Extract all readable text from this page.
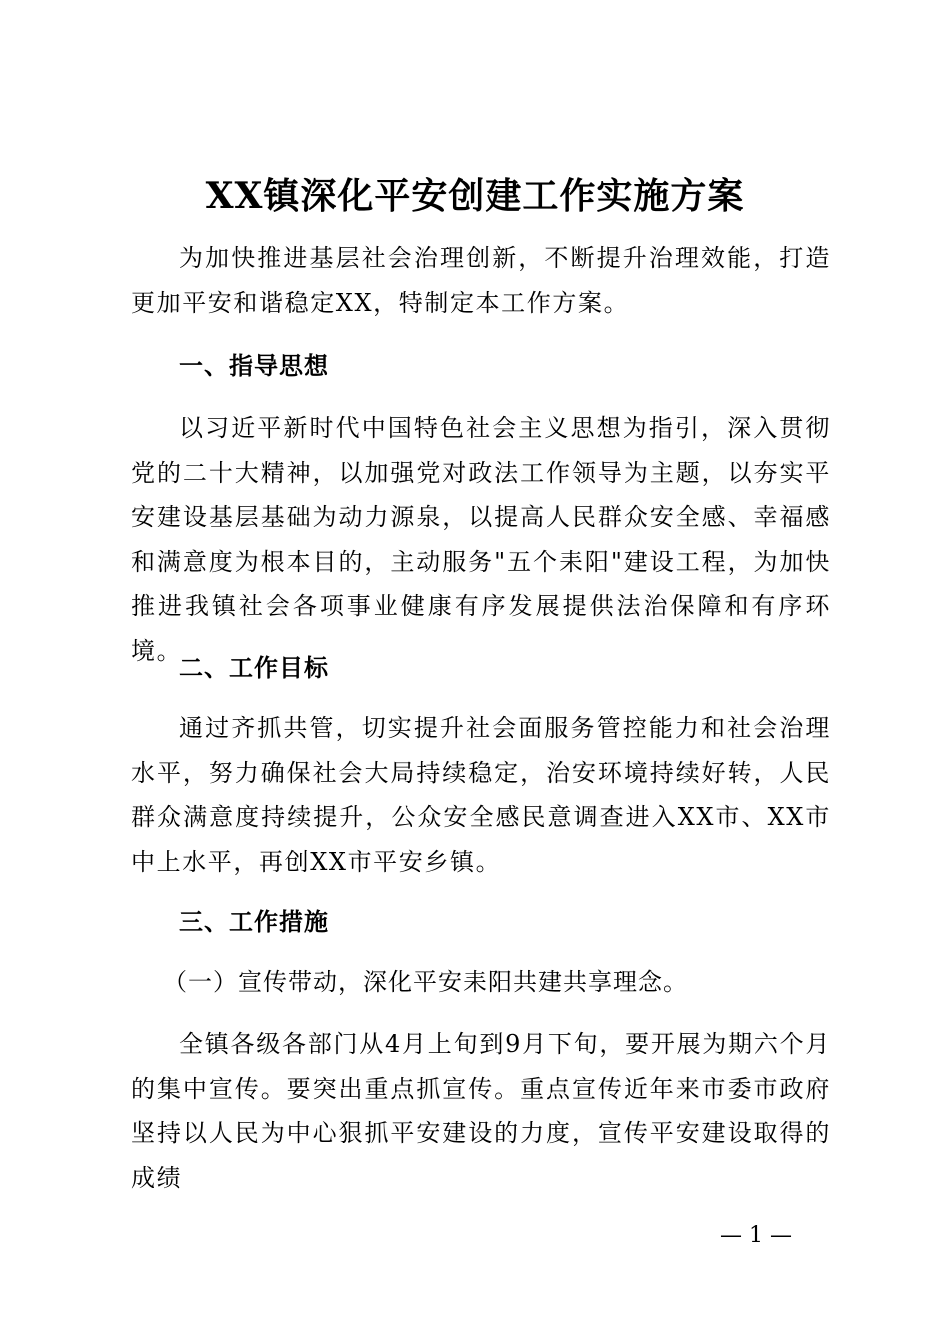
XX镇深化平安创建工作实施方案

为加快推进基层社会治理创新，不断提升治理效能，打造更加平安和谐稳定XX，特制定本工作方案。

一、指导思想

以习近平新时代中国特色社会主义思想为指引，深入贯彻党的二十大精神，以加强党对政法工作领导为主题，以夯实平安建设基层基础为动力源泉，以提高人民群众安全感、幸福感和满意度为根本目的，主动服务"五个耒阳"建设工程，为加快推进我镇社会各项事业健康有序发展提供法治保障和有序环境。

二、工作目标

通过齐抓共管，切实提升社会面服务管控能力和社会治理水平，努力确保社会大局持续稳定，治安环境持续好转，人民群众满意度持续提升，公众安全感民意调查进入XX市、XX市中上水平，再创XX市平安乡镇。

三、工作措施

（一）宣传带动，深化平安耒阳共建共享理念。

全镇各级各部门从4月上旬到9月下旬，要开展为期六个月的集中宣传。要突出重点抓宣传。重点宣传近年来市委市政府坚持以人民为中心狠抓平安建设的力度，宣传平安建设取得的成绩

— 1 —
